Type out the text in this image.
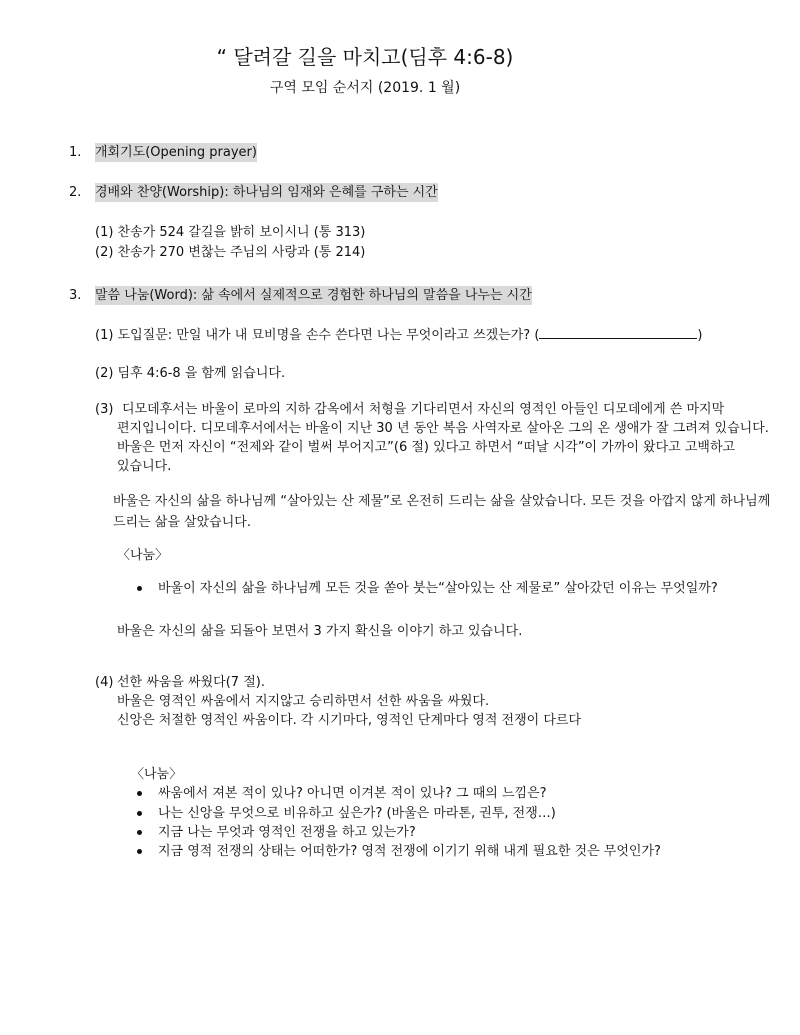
“ 달려갈 길을 마치고(딤후 4:6-8)
구역 모임 순서지 (2019. 1 월)
1. 개회기도(Opening prayer)
2. 경배와 찬양(Worship): 하나님의 임재와 은혜를 구하는 시간
(1) 찬송가 524 갈길을 밝히 보이시니 (통 313)
(2) 찬송가 270 변찮는 주님의 사랑과 (통 214)
3. 말씀 나눔(Word): 삶 속에서 실제적으로 경험한 하나님의 말씀을 나누는 시간
(1) 도입질문: 만일 내가 내 묘비명을 손수 쓴다면 나는 무엇이라고 쓰겠는가? (	)
(2) 딤후 4:6-8 을 함께 읽습니다.
(3) 디모데후서는 바울이 로마의 지하 감옥에서 처형을 기다리면서 자신의 영적인 아들인 디모데에게 쓴 마지막
편지입니이다. 디모데후서에서는 바울이 지난 30 년 동안 복음 사역자로 살아온 그의 온 생애가 잘 그려져 있습니다.
바울은 먼저 자신이 “전제와 같이 벌써 부어지고”(6 절) 있다고 하면서 “떠날 시각”이 가까이 왔다고 고백하고
있습니다.
바울은 자신의 삶을 하나님께 “살아있는 산 제물”로 온전히 드리는 삶을 살았습니다. 모든 것을 아깝지 않게 하나님께
드리는 삶을 살았습니다.
〈나눔〉
바울이 자신의 삶을 하나님께 모든 것을 쏟아 붓는“살아있는 산 제물로” 살아갔던 이유는 무엇일까?
바울은 자신의 삶을 되돌아 보면서 3 가지 확신을 이야기 하고 있습니다.
(4) 선한 싸움을 싸웠다(7 절).
바울은 영적인 싸움에서 지지않고 승리하면서 선한 싸움을 싸웠다.
신앙은 처절한 영적인 싸움이다. 각 시기마다, 영적인 단계마다 영적 전쟁이 다르다
〈나눔〉
싸움에서 져본 적이 있나? 아니면 이겨본 적이 있나? 그 때의 느낌은?
나는 신앙을 무엇으로 비유하고 싶은가? (바울은 마라톤, 권투, 전쟁…)
지금 나는 무엇과 영적인 전쟁을 하고 있는가?
지금 영적 전쟁의 상태는 어떠한가? 영적 전쟁에 이기기 위해 내게 필요한 것은 무엇인가?
